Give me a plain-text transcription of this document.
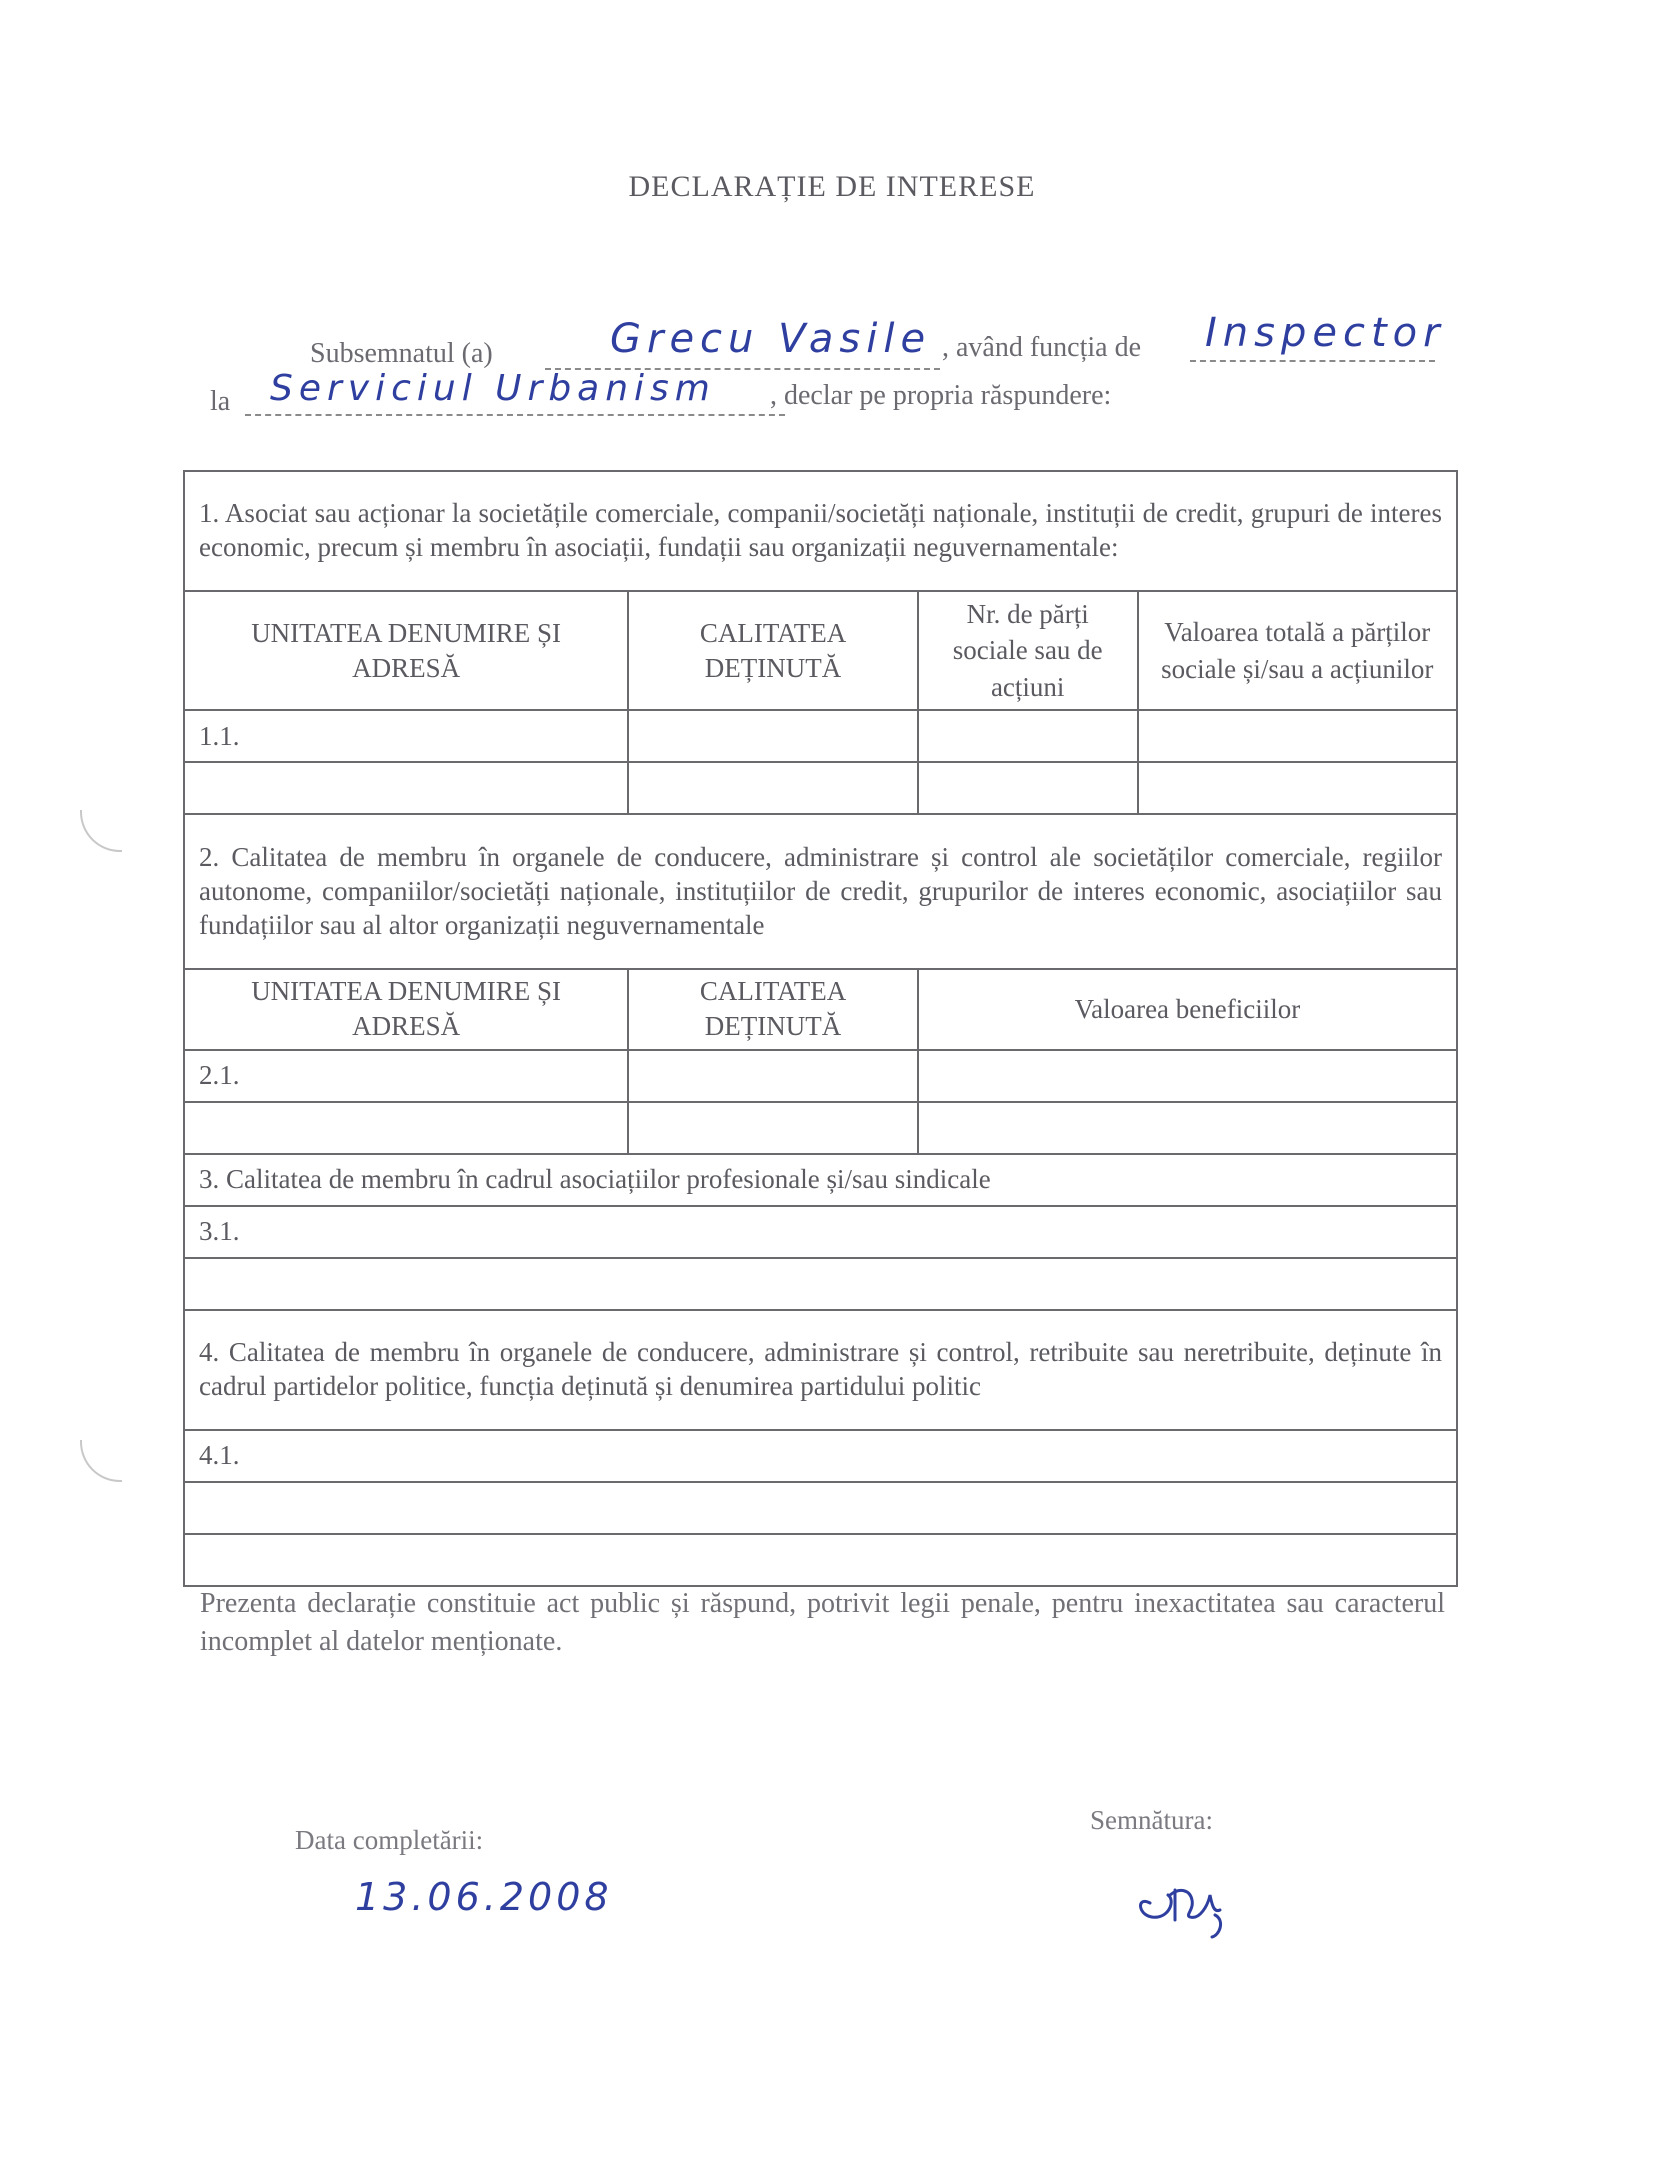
DECLARAȚIE DE INTERESE
Subsemnatul (a)	Grecu Vasile , având funcția de Inspector
la Serviciul Urbanism , declar pe propria răspundere:
1. Asociat sau acționar la societățile comerciale, companii/societăți naționale, instituții de credit, grupuri de interes economic, precum și membru în asociații, fundații sau organizații neguvernamentale:			
UNITATEA DENUMIRE ȘI ADRESĂ	CALITATEA DEȚINUTĂ	Nr. de părți sociale sau de acțiuni	Valoarea totală a părților sociale și/sau a acțiunilor
1.1.			

2. Calitatea de membru în organele de conducere, administrare și control ale societăților comerciale, regiilor autonome, companiilor/societăți naționale, instituțiilor de credit, grupurilor de interes economic, asociațiilor sau fundațiilor sau al altor organizații neguvernamentale			
UNITATEA DENUMIRE ȘI ADRESĂ	CALITATEA DEȚINUTĂ	Valoarea beneficiilor	
2.1.			

3. Calitatea de membru în cadrul asociațiilor profesionale și/sau sindicale			
3.1.			

4. Calitatea de membru în organele de conducere, administrare și control, retribuite sau neretribuite, deținute în cadrul partidelor politice, funcția deținută și denumirea partidului politic			
4.1.			

Prezenta declarație constituie act public și răspund, potrivit legii penale, pentru inexactitatea sau caracterul incomplet al datelor menționate.
Data completării:
13.06.2008
Semnătura:
